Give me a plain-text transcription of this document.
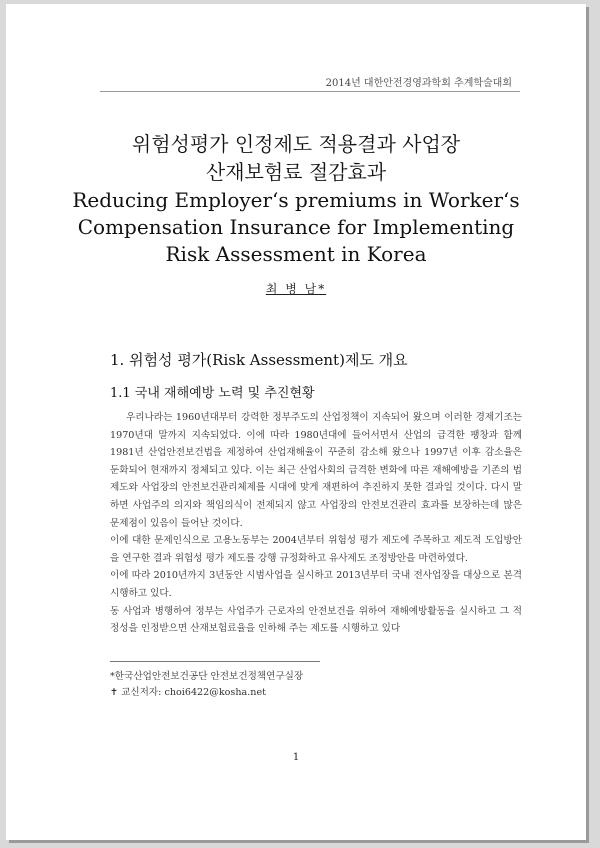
2014년 대한안전경영과학회 추계학술대회
위험성평가 인정제도 적용결과 사업장
산재보험료 절감효과
Reducing Employer‘s premiums in Worker‘s
Compensation Insurance for Implementing
Risk Assessment in Korea
최 병 남*
1. 위험성 평가(Risk Assessment)제도 개요
1.1 국내 재해예방 노력 및 추진현황

우리나라는 1960년대부터 강력한 정부주도의 산업정책이 지속되어 왔으며 이러한 경제기조는 1970년대 말까지 지속되었다. 이에 따라 1980년대에 들어서면서 산업의 급격한 팽창과 함께 1981년 산업안전보건법을 제정하여 산업재해율이 꾸준히 감소해 왔으나 1997년 이후 감소율은 둔화되어 현재까지 정체되고 있다. 이는 최근 산업사회의 급격한 변화에 따른 재해예방을 기존의 법제도와 사업장의 안전보건관리체제를 시대에 맞게 재편하여 추진하지 못한 결과일 것이다. 다시 말하면 사업주의 의지와 책임의식이 전제되지 않고 사업장의 안전보건관리 효과를 보장하는데 많은 문제점이 있음이 들어난 것이다.

이에 대한 문제인식으로 고용노동부는 2004년부터 위험성 평가 제도에 주목하고 제도적 도입방안을 연구한 결과 위험성 평가 제도를 강행 규정화하고 유사제도 조정방안을 마련하였다.

이에 따라 2010년까지 3년동안 시범사업을 실시하고 2013년부터 국내 전사업장을 대상으로 본격 시행하고 있다.

동 사업과 병행하여 정부는 사업주가 근로자의 안전보건을 위하여 재해예방활동을 실시하고 그 적정성을 인정받으면 산재보험료율을 인하해 주는 제도를 시행하고 있다

*한국산업안전보건공단 안전보건정책연구실장
✝ 교신저자: choi6422@kosha.net
1
